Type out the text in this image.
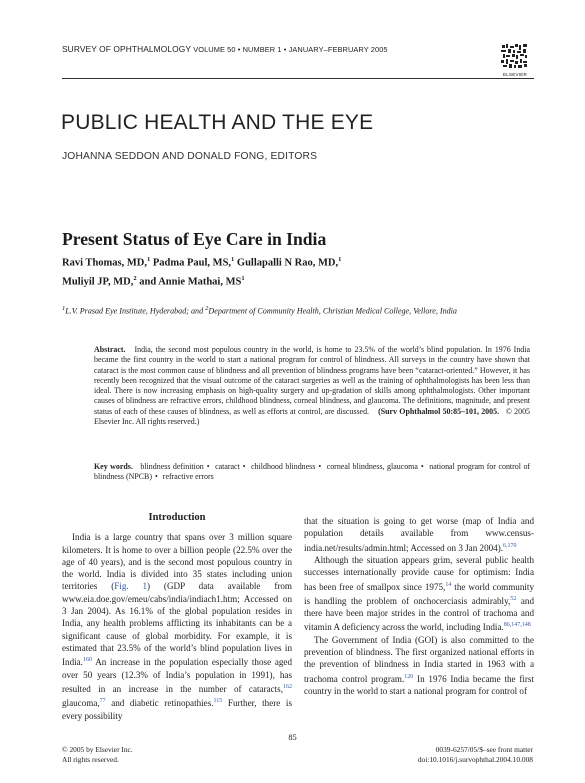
SURVEY OF OPHTHALMOLOGY VOLUME 50 • NUMBER 1 • JANUARY–FEBRUARY 2005
ELSEVIER
PUBLIC HEALTH AND THE EYE
JOHANNA SEDDON AND DONALD FONG, EDITORS
Present Status of Eye Care in India
Ravi Thomas, MD,$^1$ Padma Paul, MS,$^1$ Gullapalli N Rao, MD,$^1$
Muliyil JP, MD,$^2$ and Annie Mathai, $MS^1$
$^1$L.V. Prasad Eye Institute, Hyderabad; and $^2$Department of Community Health, Christian Medical College, Vellore, India
Abstract. India, the second most populous country in the world, is home to 23.5% of the world’s blind population. In 1976 India became the first country in the world to start a national program for control of blindness. All surveys in the country have shown that cataract is the most common cause of blindness and all prevention of blindness programs have been “cataract-oriented.” However, it has recently been recognized that the visual outcome of the cataract surgeries as well as the training of ophthalmologists has been less than ideal. There is now increasing emphasis on high-quality surgery and up-gradation of skills among ophthalmologists. Other important causes of blindness are refractive errors, childhood blindness, corneal blindness, and glaucoma. The definitions, magnitude, and present status of each of these causes of blindness, as well as efforts at control, are discussed. (Surv Ophthalmol 50:85–101, 2005. © 2005 Elsevier Inc. All rights reserved.)
Key words. blindness definition • cataract • childhood blindness • corneal blindness, glaucoma • national program for control of blindness (NPCB) • refractive errors
Introduction

India is a large country that spans over 3 million square kilometers. It is home to over a billion people (22.5% over the age of 40 years), and is the second most populous country in the world. India is divided into 35 states including union territories (Fig. 1) (GDP data available from www.eia.doe.gov/emeu/cabs/india/indiach1.htm; Accessed on 3 Jan 2004). As 16.1% of the global population resides in India, any health problems afflicting its inhabitants can be a significant cause of global morbidity. For example, it is estimated that 23.5% of the world’s blind population lives in India.$^{160}$ An increase in the population especially those aged over 50 years (12.3% of India’s population in 1991), has resulted in an increase in the number of cataracts,$^{162}$ glaucoma,$^{77}$ and diabetic retinopathies.$^{115}$ Further, there is every possibility

that the situation is going to get worse (map of India and population details available from www.census-india.net/results/admin.html; Accessed on 3 Jan 2004).$^{6,170}$

Although the situation appears grim, several public health successes internationally provide cause for optimism: India has been free of smallpox since 1975,14 the world community is handling the problem of onchocerciasis admirably,$^{52}$ and there have been major strides in the control of trachoma and vitamin A deficiency across the world, including India.$^{86,147,148}$

The Government of India (GOI) is also committed to the prevention of blindness. The first organized national efforts in the prevention of blindness in India started in 1963 with a trachoma control program.$^{120}$ In 1976 India became the first country in the world to start a national program for control of

85
© 2005 by Elsevier Inc.
All rights reserved.
0039-6257/05/$–see front matter
doi:10.1016/j.survophthal.2004.10.008
